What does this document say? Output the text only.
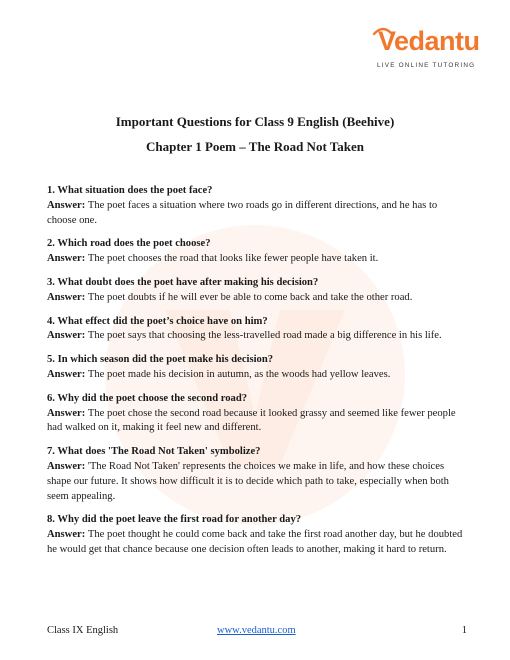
Vedantu
LIVE ONLINE TUTORING
Important Questions for Class 9 English (Beehive)
Chapter 1 Poem – The Road Not Taken
1. What situation does the poet face?
Answer: The poet faces a situation where two roads go in different directions, and he has to choose one.
2. Which road does the poet choose?
Answer: The poet chooses the road that looks like fewer people have taken it.
3. What doubt does the poet have after making his decision?
Answer: The poet doubts if he will ever be able to come back and take the other road.
4. What effect did the poet’s choice have on him?
Answer: The poet says that choosing the less-travelled road made a big difference in his life.
5. In which season did the poet make his decision?
Answer: The poet made his decision in autumn, as the woods had yellow leaves.
6. Why did the poet choose the second road?
Answer: The poet chose the second road because it looked grassy and seemed like fewer people had walked on it, making it feel new and different.
7. What does 'The Road Not Taken' symbolize?
Answer: 'The Road Not Taken' represents the choices we make in life, and how these choices shape our future. It shows how difficult it is to decide which path to take, especially when both seem appealing.
8. Why did the poet leave the first road for another day?
Answer: The poet thought he could come back and take the first road another day, but he doubted he would get that chance because one decision often leads to another, making it hard to return.
Class IX English	www.vedantu.com	1
